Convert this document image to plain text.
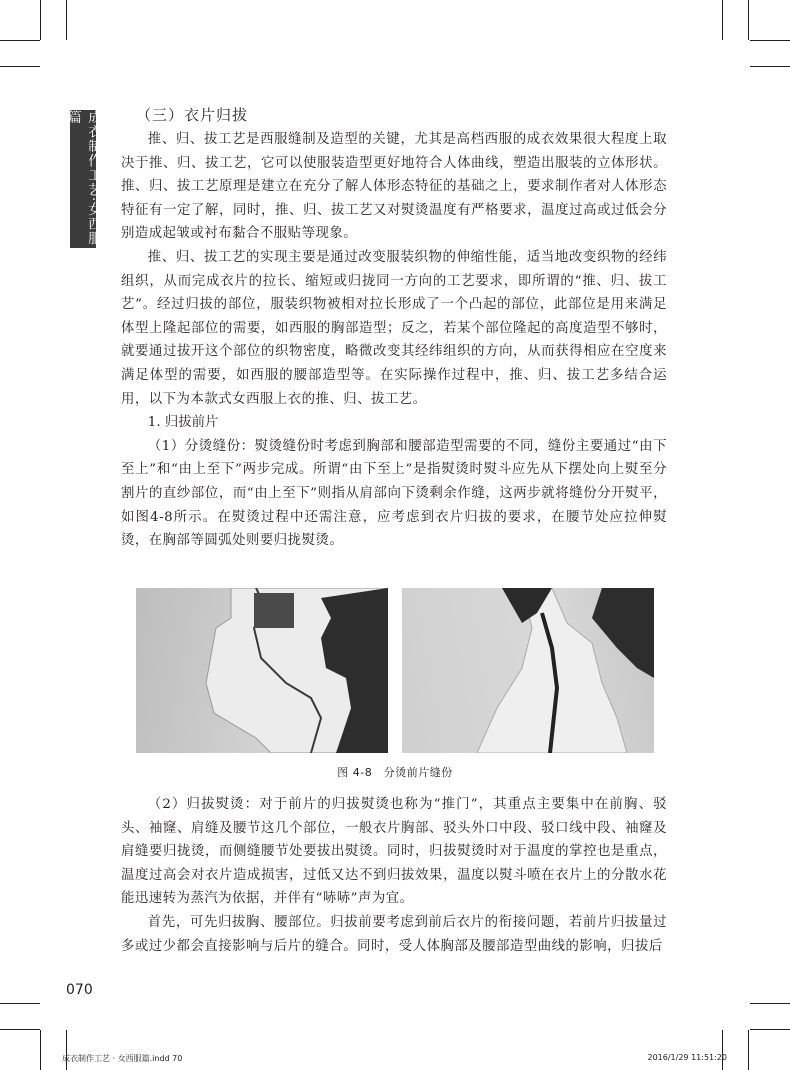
成衣制作工艺·女西服篇	（三）衣片归拔

推、归、拔工艺是西服缝制及造型的关键，尤其是高档西服的成衣效果很大程度上取决于推、归、拔工艺，它可以使服装造型更好地符合人体曲线，塑造出服装的立体形状。推、归、拔工艺原理是建立在充分了解人体形态特征的基础之上，要求制作者对人体形态特征有一定了解，同时，推、归、拔工艺又对熨烫温度有严格要求，温度过高或过低会分别造成起皱或衬布黏合不服贴等现象。

推、归、拔工艺的实现主要是通过改变服装织物的伸缩性能，适当地改变织物的经纬组织，从而完成衣片的拉长、缩短或归拢同一方向的工艺要求，即所谓的“推、归、拔工艺”。经过归拔的部位，服装织物被相对拉长形成了一个凸起的部位，此部位是用来满足体型上隆起部位的需要，如西服的胸部造型；反之，若某个部位隆起的高度造型不够时，就要通过拔开这个部位的织物密度，略微改变其经纬组织的方向，从而获得相应在空度来满足体型的需要，如西服的腰部造型等。在实际操作过程中，推、归、拔工艺多结合运用，以下为本款式女西服上衣的推、归、拔工艺。

1. 归拔前片

（1）分烫缝份：熨烫缝份时考虑到胸部和腰部造型需要的不同，缝份主要通过“由下至上”和“由上至下”两步完成。所谓“由下至上”是指熨烫时熨斗应先从下摆处向上熨至分割片的直纱部位，而“由上至下”则指从肩部向下烫剩余作缝，这两步就将缝份分开熨平，如图4-8所示。在熨烫过程中还需注意，应考虑到衣片归拔的要求，在腰节处应拉伸熨烫，在胸部等圆弧处则要归拢熨烫。

图 4-8　分烫前片缝份

（2）归拔熨烫：对于前片的归拔熨烫也称为“推门”，其重点主要集中在前胸、驳头、袖窿、肩缝及腰节这几个部位，一般衣片胸部、驳头外口中段、驳口线中段、袖窿及肩缝要归拢烫，而侧缝腰节处要拔出熨烫。同时，归拔熨烫时对于温度的掌控也是重点，温度过高会对衣片造成损害，过低又达不到归拔效果，温度以熨斗喷在衣片上的分散水花能迅速转为蒸汽为依据，并伴有“哧哧”声为宜。

首先，可先归拔胸、腰部位。归拔前要考虑到前后衣片的衔接问题，若前片归拔量过多或过少都会直接影响与后片的缝合。同时，受人体胸部及腰部造型曲线的影响，归拔后

070
成衣制作工艺 · 女西服篇.indd 70	2016/1/29 11:51:20
